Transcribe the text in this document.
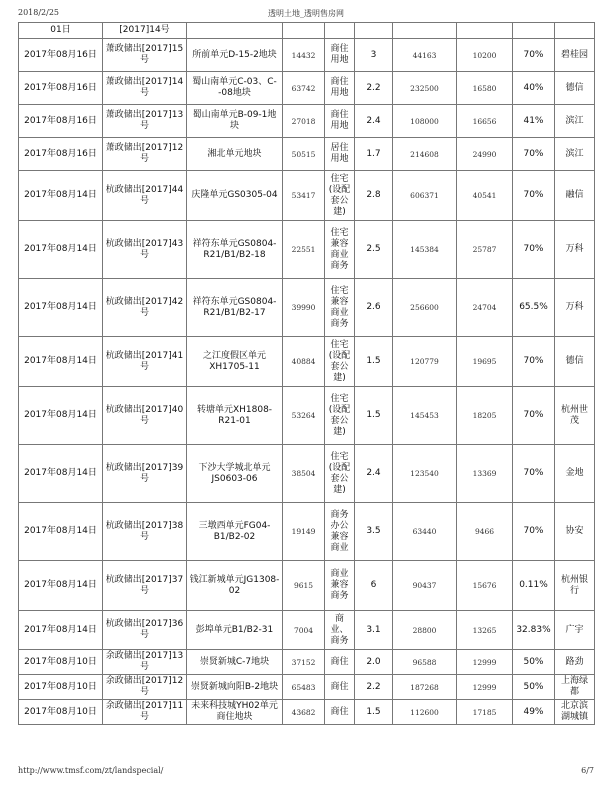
2018/2/25	透明土地_透明售房网
01日	[2017]14号								
2017年08月16日	萧政储出[2017]15号	所前单元D-15-2地块	14432	商住用地	3	44163	10200	70%	碧桂园
2017年08月16日	萧政储出[2017]14号	蜀山南单元C-03、C--08地块	63742	商住用地	2.2	232500	16580	40%	德信
2017年08月16日	萧政储出[2017]13号	蜀山南单元B-09-1地块	27018	商住用地	2.4	108000	16656	41%	滨江
2017年08月16日	萧政储出[2017]12号	湘北单元地块	50515	居住用地	1.7	214608	24990	70%	滨江
2017年08月14日	杭政储出[2017]44号	庆隆单元GS0305-04	53417	住宅(设配套公建)	2.8	606371	40541	70%	融信
2017年08月14日	杭政储出[2017]43号	祥符东单元GS0804-R21/B1/B2-18	22551	住宅兼容商业商务	2.5	145384	25787	70%	万科
2017年08月14日	杭政储出[2017]42号	祥符东单元GS0804-R21/B1/B2-17	39990	住宅兼容商业商务	2.6	256600	24704	65.5%	万科
2017年08月14日	杭政储出[2017]41号	之江度假区单元XH1705-11	40884	住宅(设配套公建)	1.5	120779	19695	70%	德信
2017年08月14日	杭政储出[2017]40号	转塘单元XH1808-R21-01	53264	住宅(设配套公建)	1.5	145453	18205	70%	杭州世茂
2017年08月14日	杭政储出[2017]39号	下沙大学城北单元JS0603-06	38504	住宅(设配套公建)	2.4	123540	13369	70%	金地
2017年08月14日	杭政储出[2017]38号	三墩西单元FG04-B1/B2-02	19149	商务办公兼容商业	3.5	63440	9466	70%	协安
2017年08月14日	杭政储出[2017]37号	钱江新城单元JG1308-02	9615	商业兼容商务	6	90437	15676	0.11%	杭州银行
2017年08月14日	杭政储出[2017]36号	彭埠单元B1/B2-31	7004	商业、商务	3.1	28800	13265	32.83%	广宇
2017年08月10日	余政储出[2017]13号	崇贤新城C-7地块	37152	商住	2.0	96588	12999	50%	路劲
2017年08月10日	余政储出[2017]12号	崇贤新城向阳B-2地块	65483	商住	2.2	187268	12999	50%	上海绿都
2017年08月10日	余政储出[2017]11号	未来科技城YH02单元商住地块	43682	商住	1.5	112600	17185	49%	北京滨湖城镇
http://www.tmsf.com/zt/landspecial/	6/7
